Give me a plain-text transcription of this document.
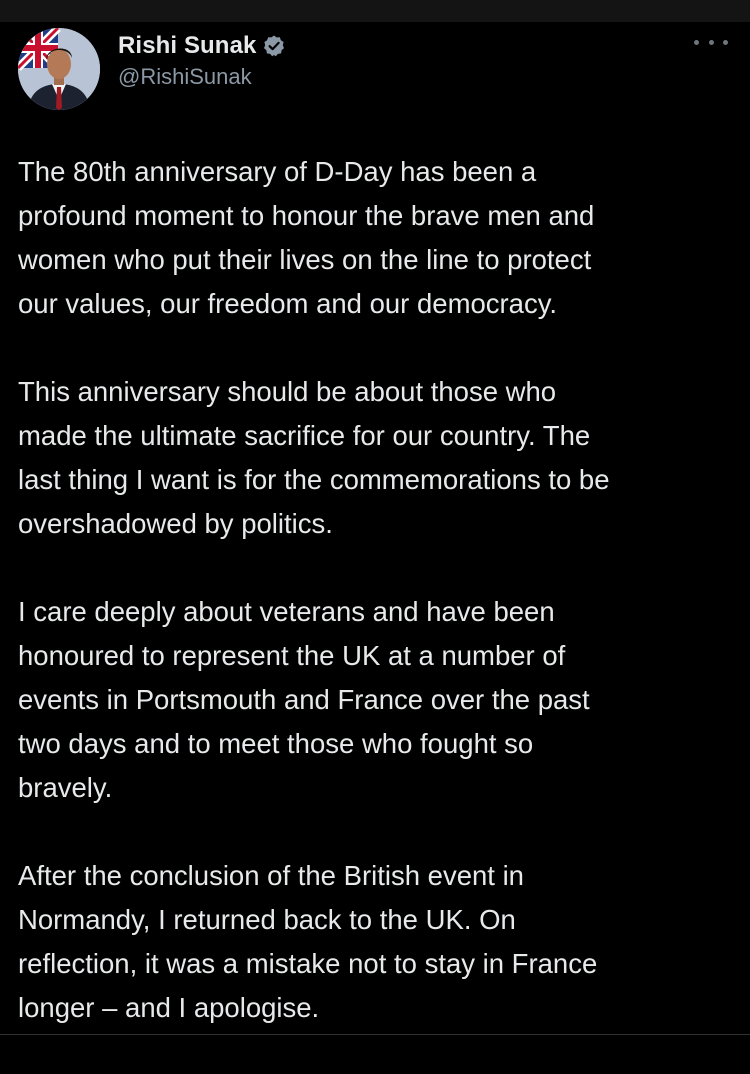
Rishi Sunak
@RishiSunak

The 80th anniversary of D-Day has been a
profound moment to honour the brave men and
women who put their lives on the line to protect
our values, our freedom and our democracy.

This anniversary should be about those who
made the ultimate sacrifice for our country. The
last thing I want is for the commemorations to be
overshadowed by politics.

I care deeply about veterans and have been
honoured to represent the UK at a number of
events in Portsmouth and France over the past
two days and to meet those who fought so
bravely.

After the conclusion of the British event in
Normandy, I returned back to the UK. On
reflection, it was a mistake not to stay in France
longer – and I apologise.
